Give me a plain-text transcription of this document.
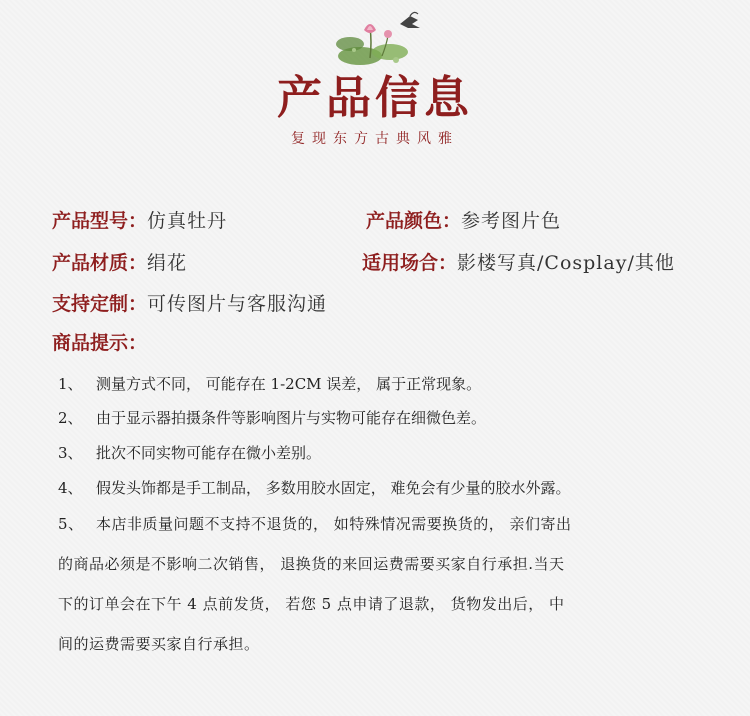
产品信息
复现东方古典风雅
产品型号：仿真牡丹	产品颜色：参考图片色
产品材质：绢花	适用场合：影楼写真/Cosplay/其他
支持定制：可传图片与客服沟通
商品提示：
1、 测量方式不同， 可能存在 1-2CM 误差， 属于正常现象。
2、 由于显示器拍摄条件等影响图片与实物可能存在细微色差。
3、 批次不同实物可能存在微小差别。
4、 假发头饰都是手工制品， 多数用胶水固定， 难免会有少量的胶水外露。
5、 本店非质量问题不支持不退货的， 如特殊情况需要换货的， 亲们寄出
的商品必须是不影响二次销售， 退换货的来回运费需要买家自行承担.当天
下的订单会在下午 4 点前发货， 若您 5 点申请了退款， 货物发出后， 中
间的运费需要买家自行承担。
